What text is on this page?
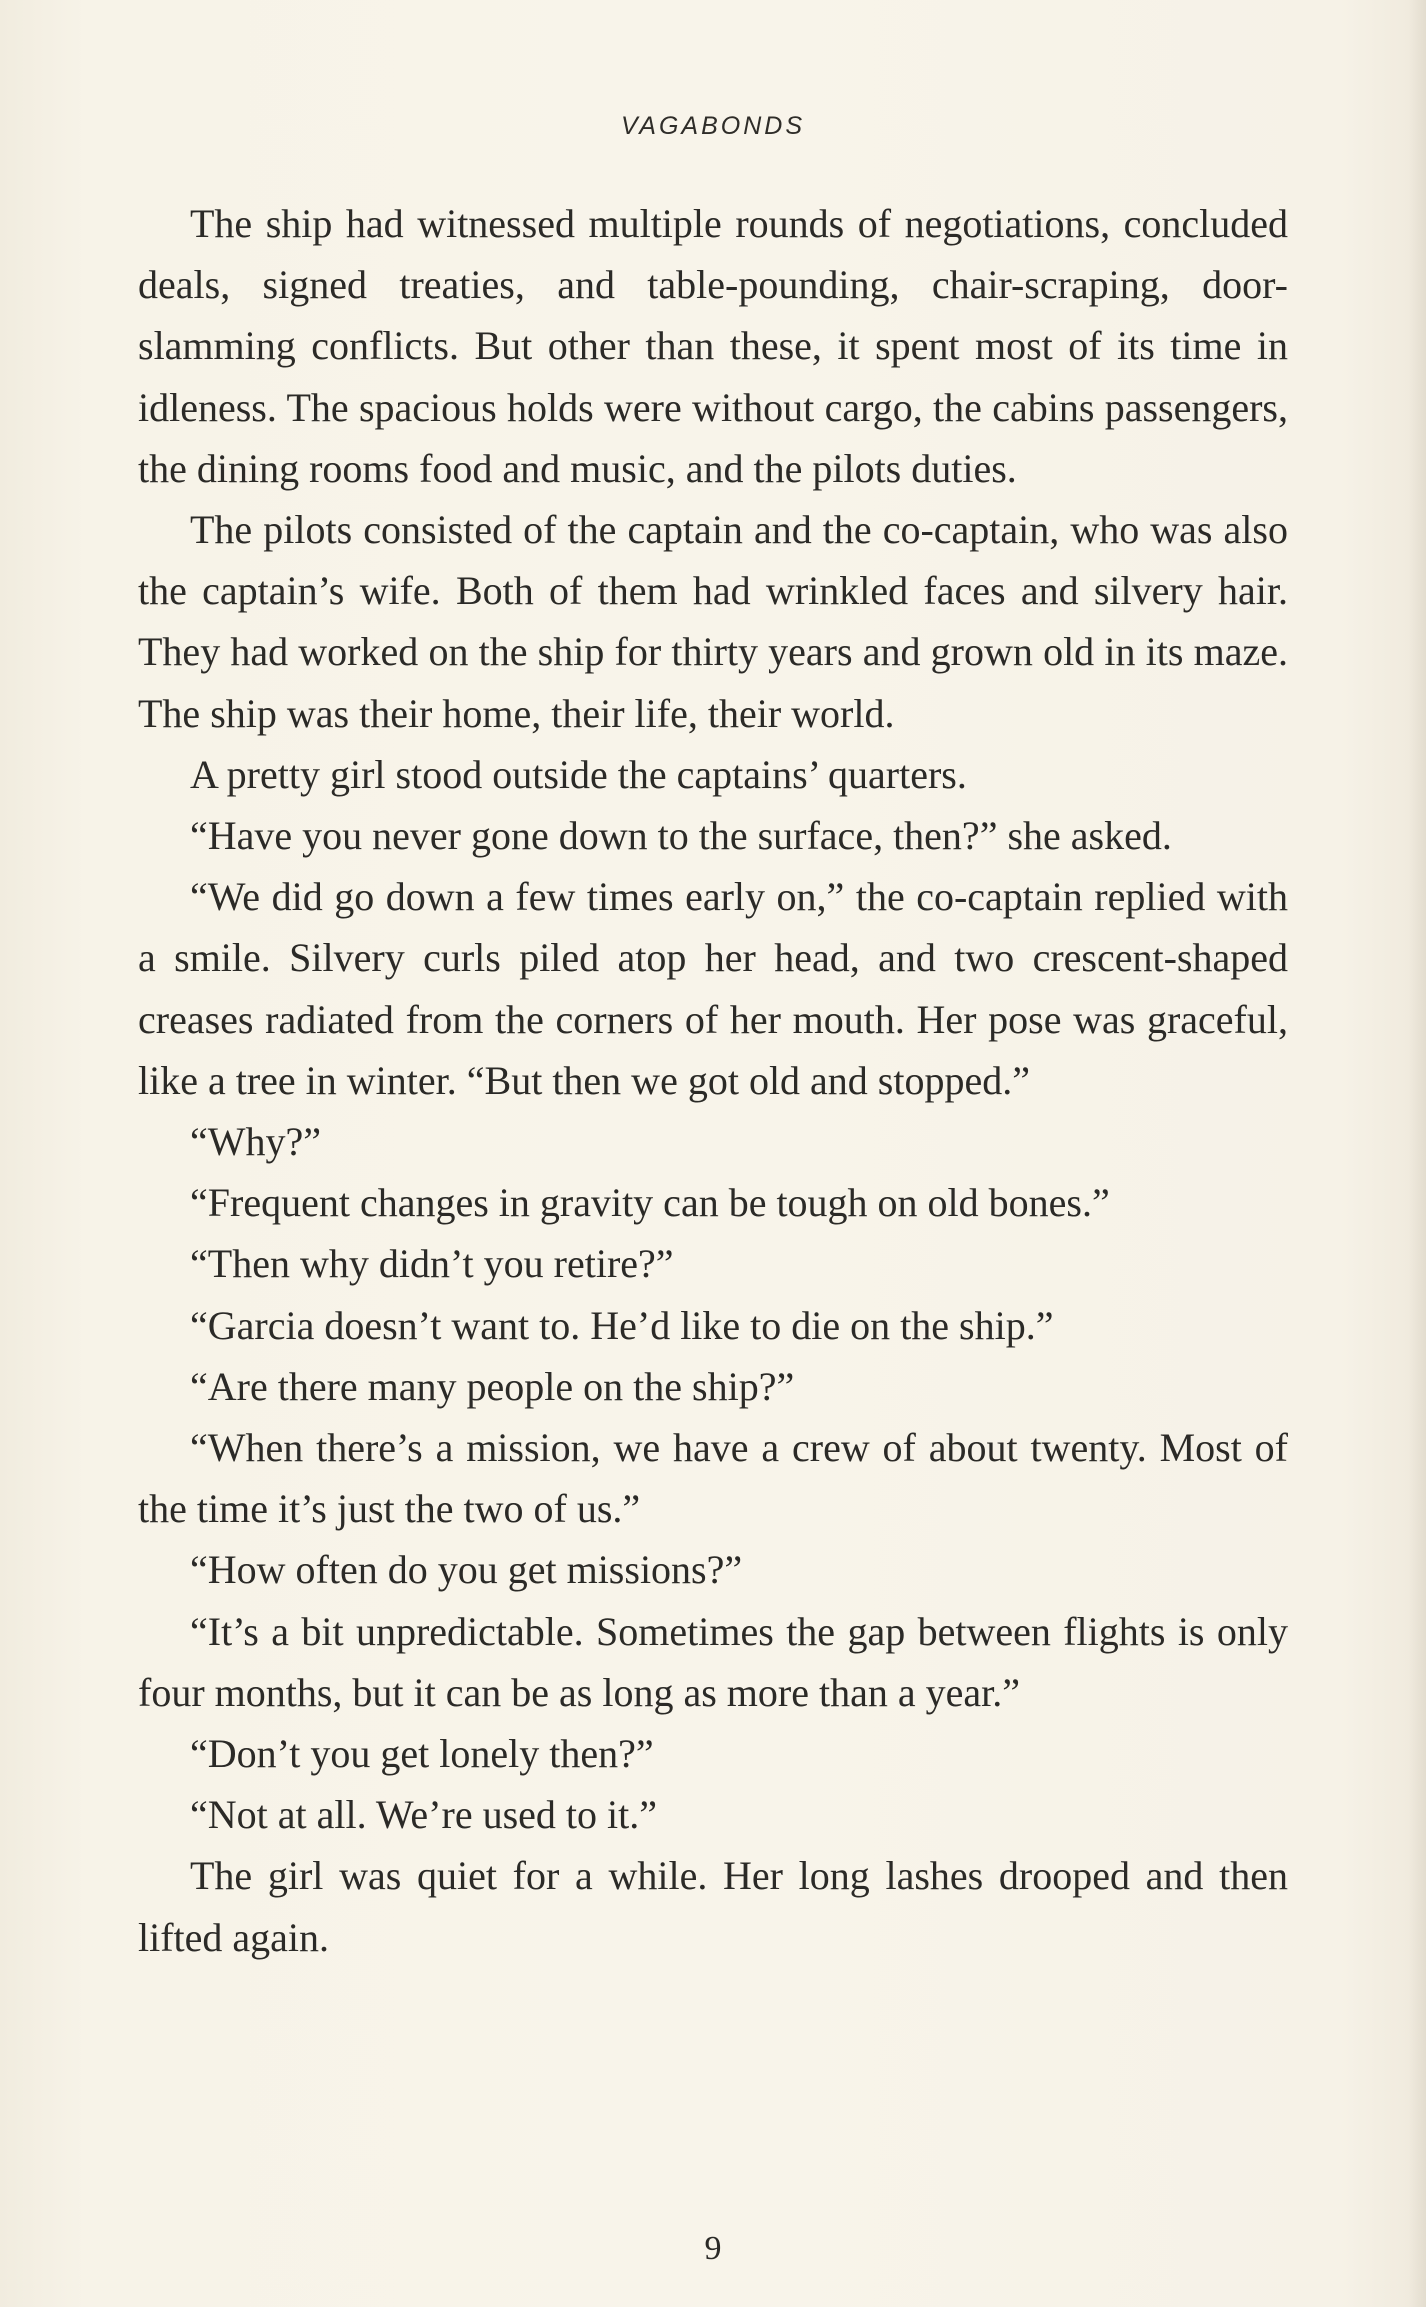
VAGABONDS

The ship had witnessed multiple rounds of negotiations, concluded deals, signed treaties, and table-pounding, chair-scraping, door-slamming conflicts. But other than these, it spent most of its time in idleness. The spacious holds were without cargo, the cabins passengers, the dining rooms food and music, and the pilots duties.

The pilots consisted of the captain and the co-captain, who was also the captain’s wife. Both of them had wrinkled faces and silvery hair. They had worked on the ship for thirty years and grown old in its maze. The ship was their home, their life, their world.

A pretty girl stood outside the captains’ quarters.

“Have you never gone down to the surface, then?” she asked.

“We did go down a few times early on,” the co-captain replied with a smile. Silvery curls piled atop her head, and two crescent-shaped creases radiated from the corners of her mouth. Her pose was graceful, like a tree in winter. “But then we got old and stopped.”

“Why?”

“Frequent changes in gravity can be tough on old bones.”

“Then why didn’t you retire?”

“Garcia doesn’t want to. He’d like to die on the ship.”

“Are there many people on the ship?”

“When there’s a mission, we have a crew of about twenty. Most of the time it’s just the two of us.”

“How often do you get missions?”

“It’s a bit unpredictable. Sometimes the gap between flights is only four months, but it can be as long as more than a year.”

“Don’t you get lonely then?”

“Not at all. We’re used to it.”

The girl was quiet for a while. Her long lashes drooped and then lifted again.

9
